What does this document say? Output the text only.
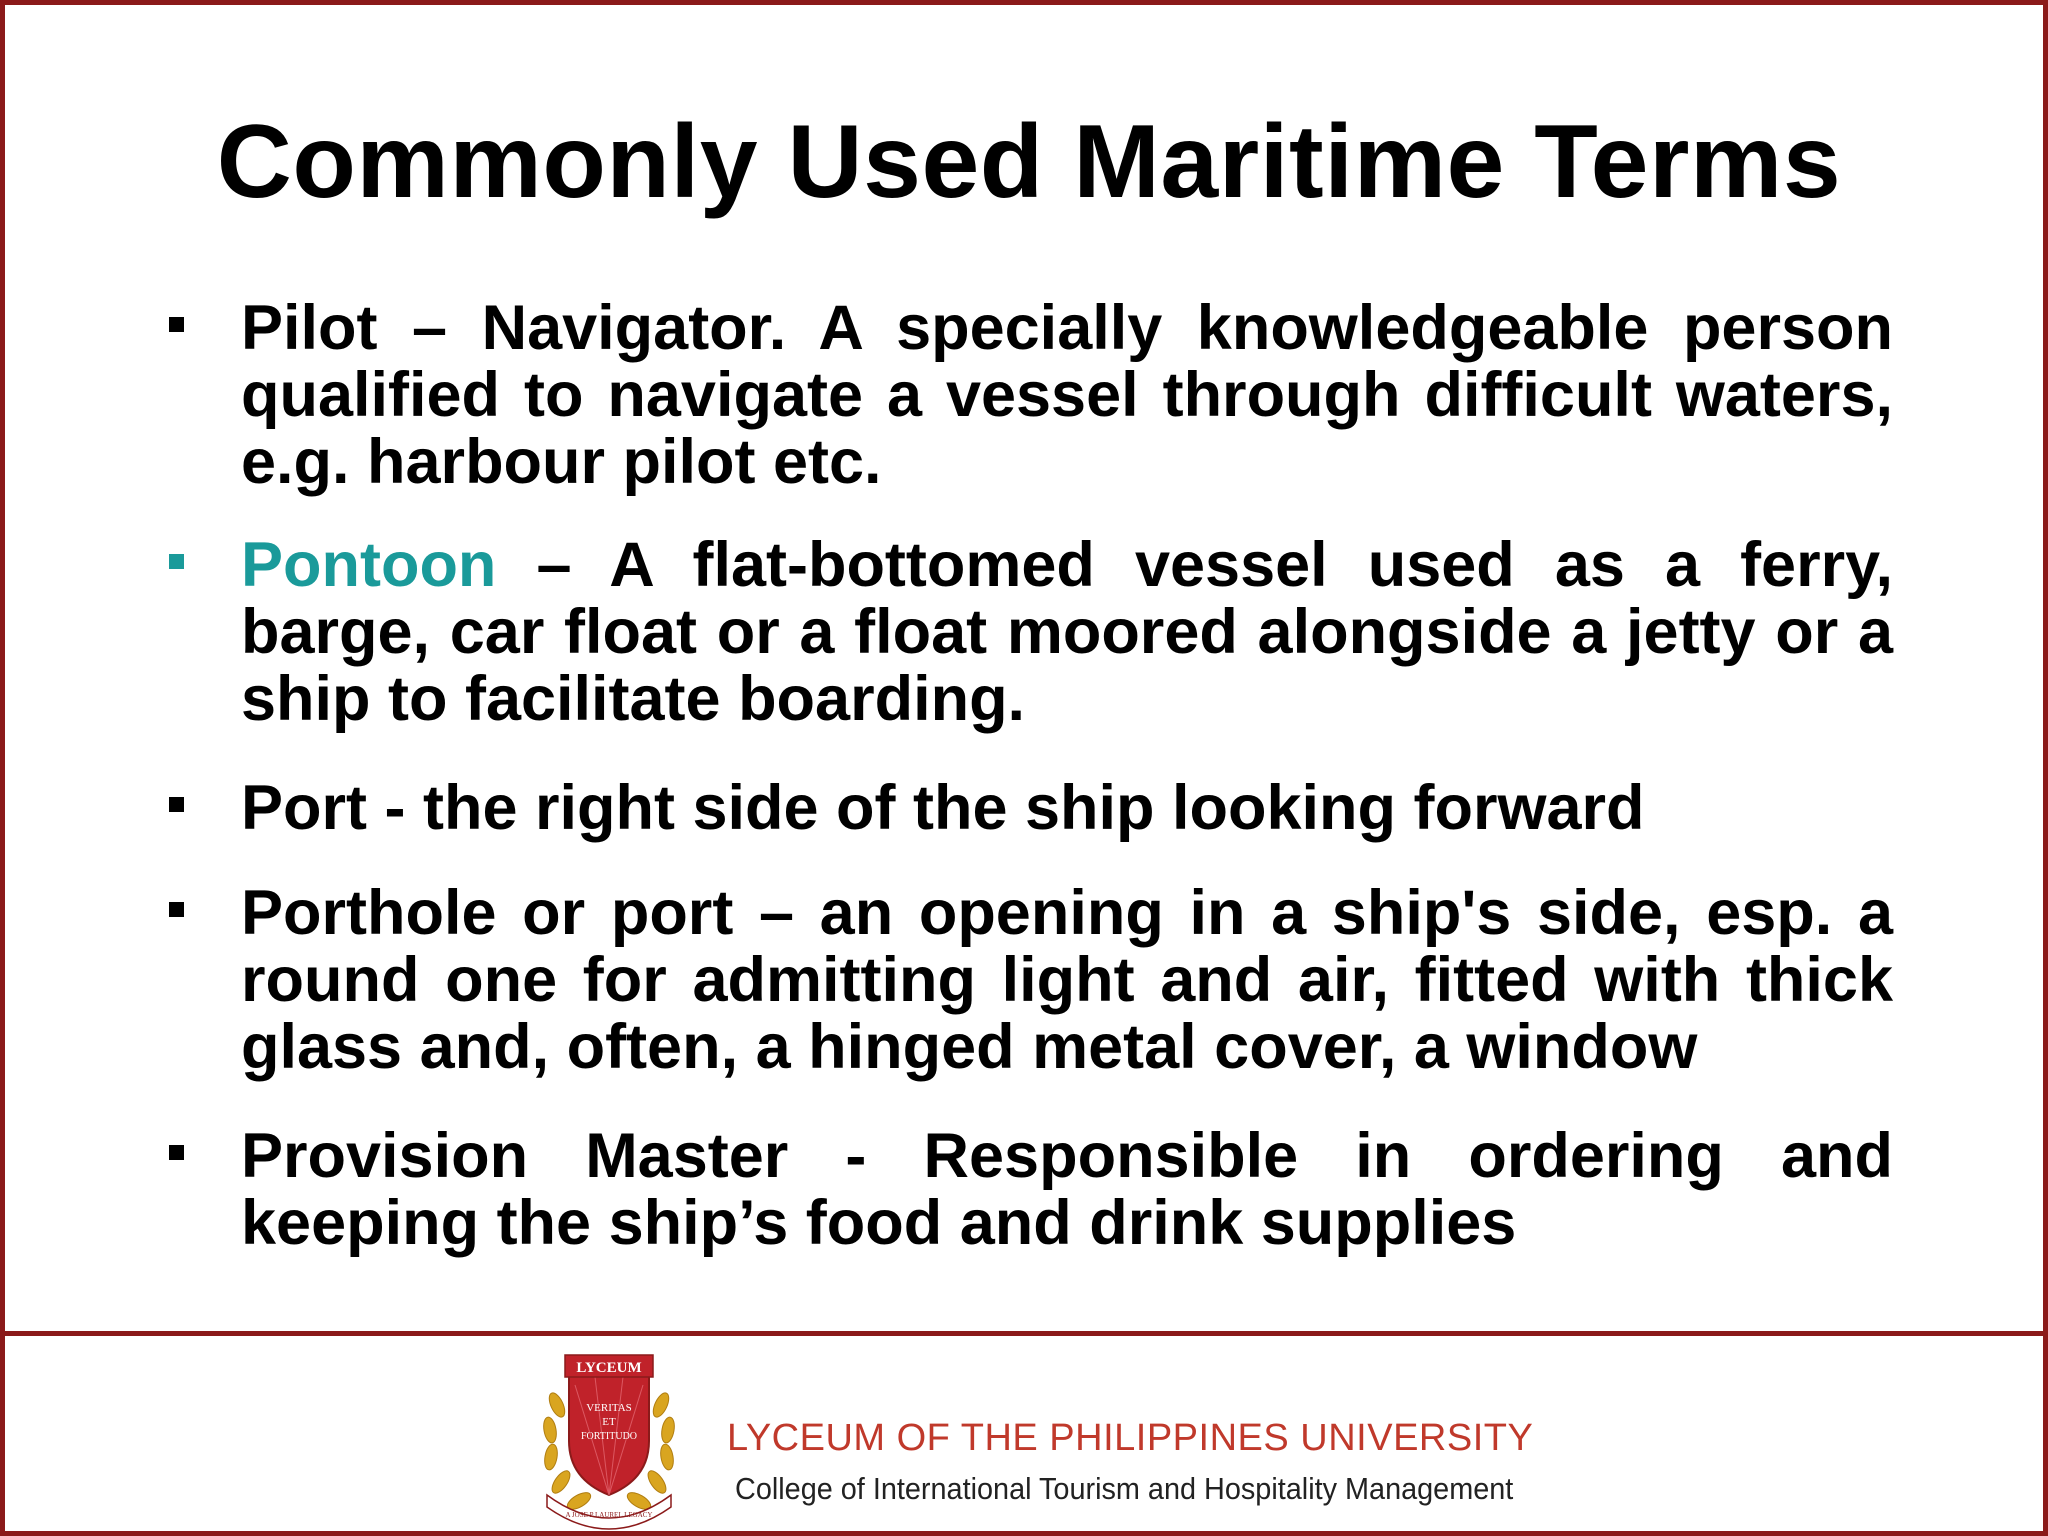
Commonly Used Maritime Terms
Pilot – Navigator. A specially knowledgeable person qualified to navigate a vessel through difficult waters, e.g. harbour pilot etc.
Pontoon – A flat-bottomed vessel used as a ferry, barge, car float or a float moored alongside a jetty or a ship to facilitate boarding.
Port - the right side of the ship looking forward
Porthole or port – an opening in a ship's side, esp. a round one for admitting light and air, fitted with thick glass and, often, a hinged metal cover, a window
Provision Master - Responsible in ordering and keeping the ship’s food and drink supplies
LYCEUM
VERITAS
ET
FORTITUDO
A JOSE P LAUREL LEGACY
LYCEUM OF THE PHILIPPINES UNIVERSITY
College of International Tourism and Hospitality Management
